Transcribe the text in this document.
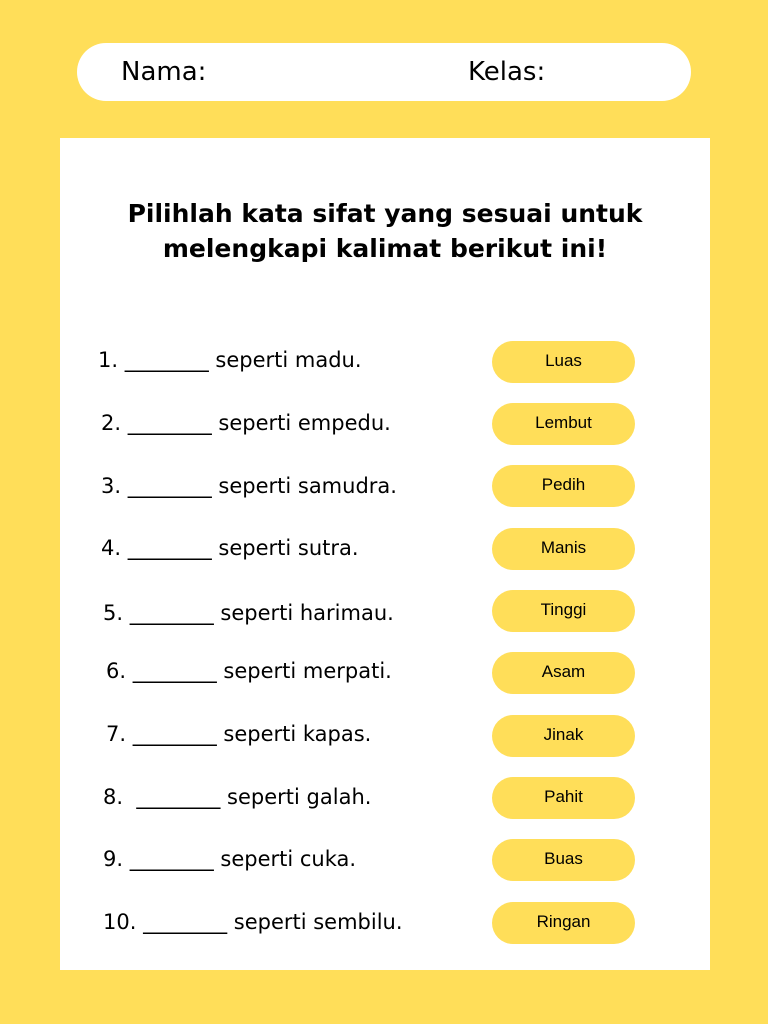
Nama:	Kelas:
Pilihlah kata sifat yang sesuai untuk
melengkapi kalimat berikut ini!
1. ________ seperti madu.
2. ________ seperti empedu.
3. ________ seperti samudra.
4. ________ seperti sutra.
5. ________ seperti harimau.
6. ________ seperti merpati.
7. ________ seperti kapas.
8.  ________ seperti galah.
9. ________ seperti cuka.
10. ________ seperti sembilu.
Luas
Lembut
Pedih
Manis
Tinggi
Asam
Jinak
Pahit
Buas
Ringan
